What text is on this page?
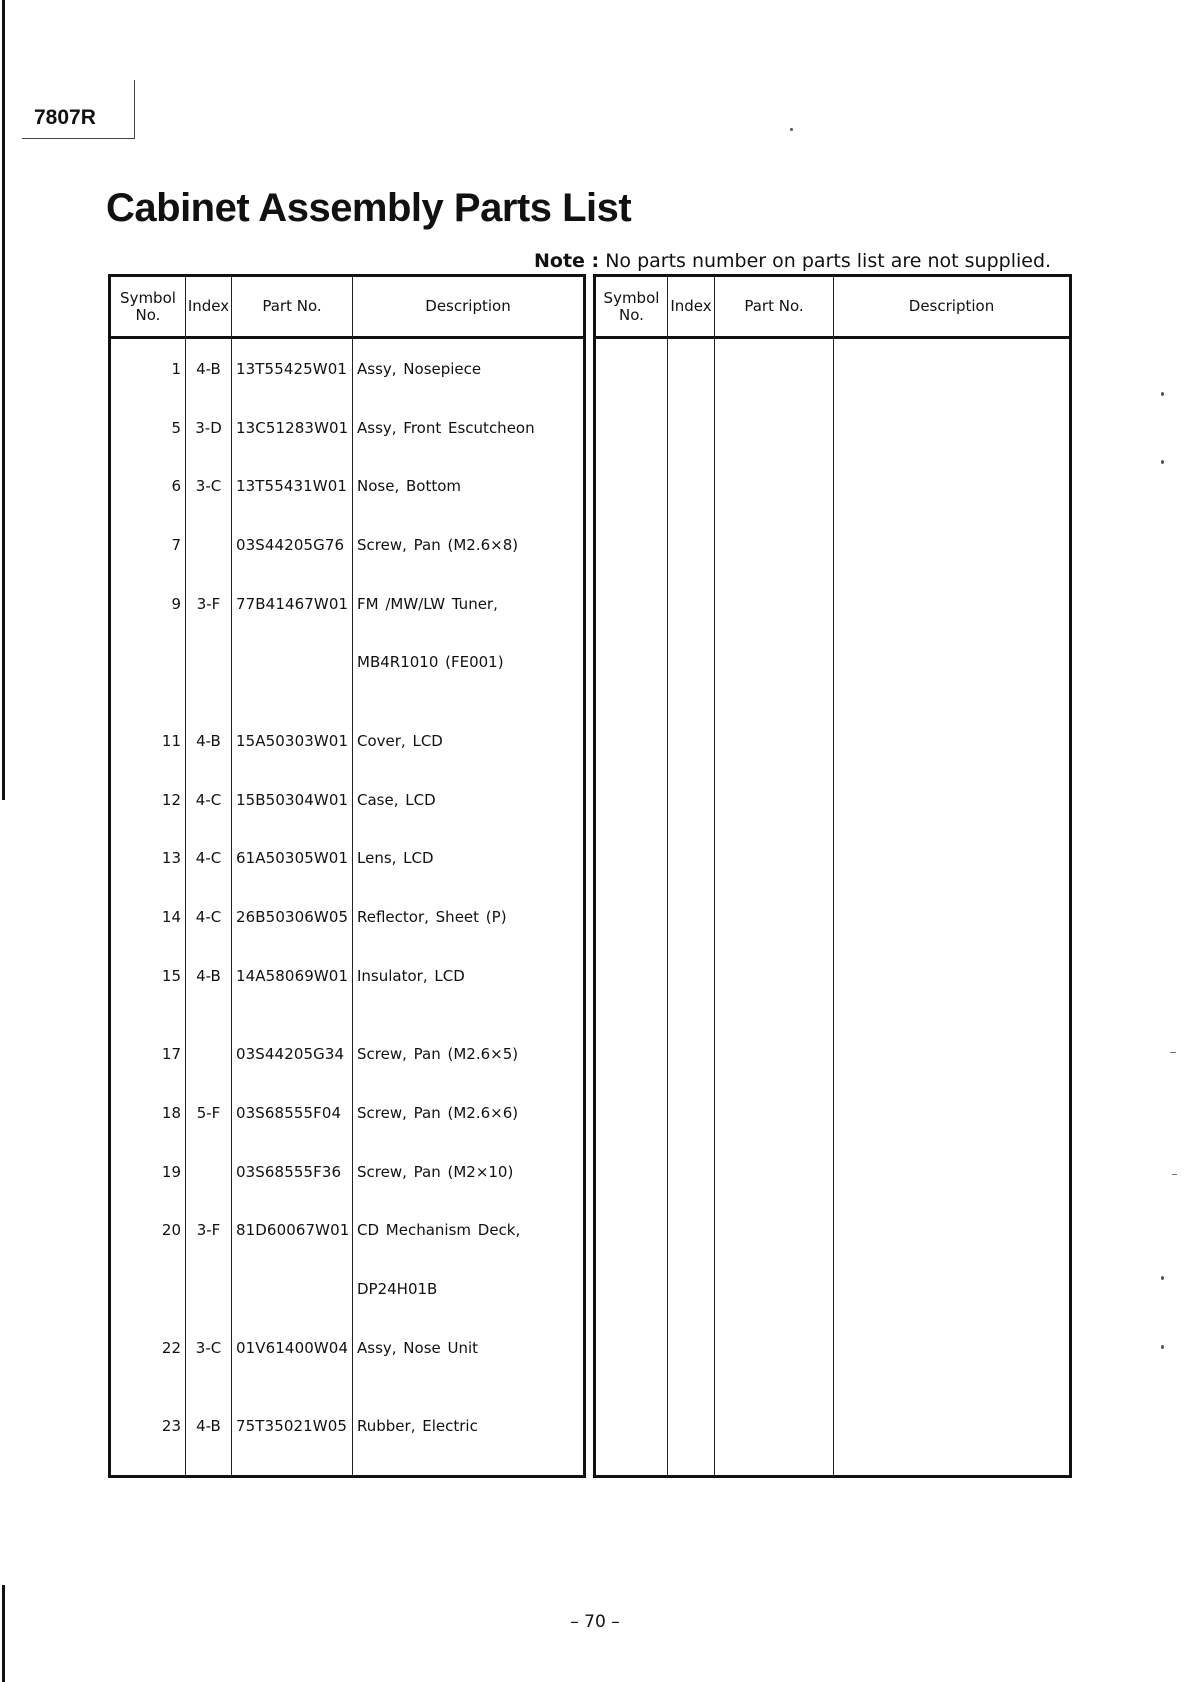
7807R
Cabinet Assembly Parts List
Note : No parts number on parts list are not supplied.
Symbol
No.	Index	Part No.	Description

1	4-B	13T55425W01	Assy, Nosepiece
5	3-D	13C51283W01	Assy, Front Escutcheon
6	3-C	13T55431W01	Nose, Bottom
7		03S44205G76	Screw, Pan (M2.6×8)
9	3-F	77B41467W01	FM /MW/LW Tuner,
			MB4R1010 (FE001)

11	4-B	15A50303W01	Cover, LCD
12	4-C	15B50304W01	Case, LCD
13	4-C	61A50305W01	Lens, LCD
14	4-C	26B50306W05	Reflector, Sheet (P)
15	4-B	14A58069W01	Insulator, LCD

17		03S44205G34	Screw, Pan (M2.6×5)
18	5-F	03S68555F04	Screw, Pan (M2.6×6)
19		03S68555F36	Screw, Pan (M2×10)
20	3-F	81D60067W01	CD Mechanism Deck,
			DP24H01B
22	3-C	01V61400W04	Assy, Nose Unit

23	4-B	75T35021W05	Rubber, Electric

Symbol
No.	Index	Part No.	Description

– 70 –
